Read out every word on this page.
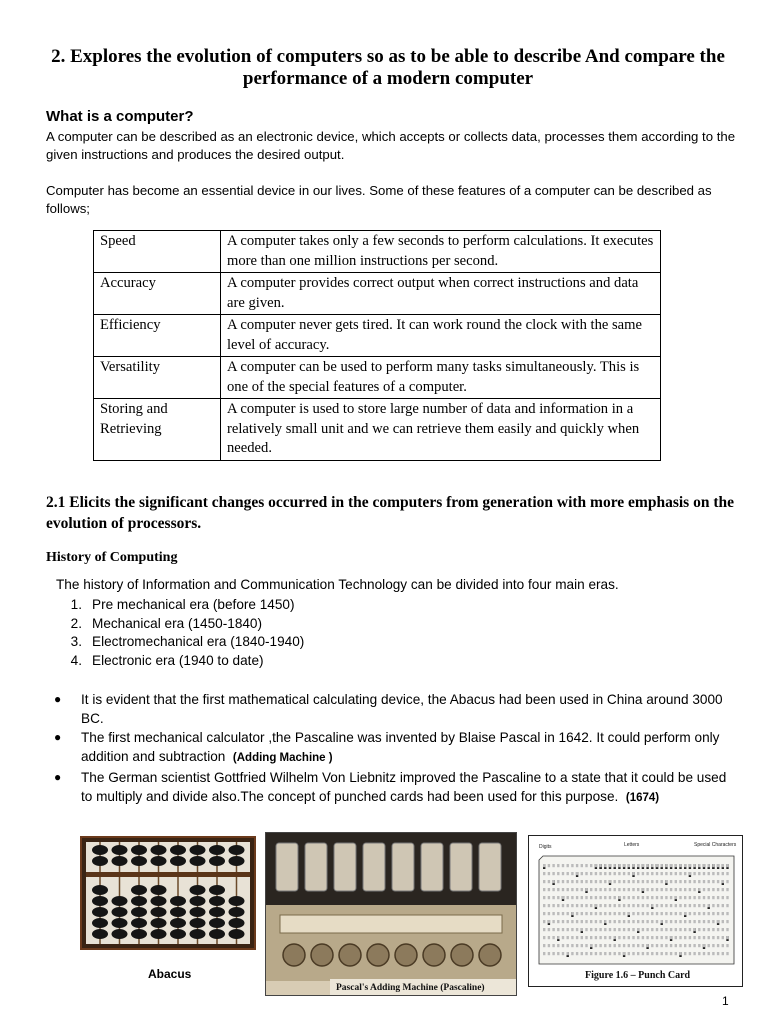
2. Explores the evolution of computers so as to be able to describe And compare the performance of a modern computer
What is a computer?
A computer can be described as an electronic device, which accepts or collects data, processes them according to the given instructions and produces the desired output.
Computer has become an essential device in our lives. Some of these features of a computer can be described as follows;
Speed	A computer takes only a few seconds to perform calculations. It executes more than one million instructions per second.
Accuracy	A computer provides correct output when correct instructions and data are given.
Efficiency	A computer never gets tired. It can work round the clock with the same level of accuracy.
Versatility	A computer can be used to perform many tasks simultaneously. This is one of the special features of a computer.
Storing and Retrieving	A computer is used to store large number of data and information in a relatively small unit and we can retrieve them easily and quickly when needed.
2.1 Elicits the significant changes occurred in the computers from generation with more emphasis on the evolution of processors.
History of Computing
The history of Information and Communication Technology can be divided into four main eras.
1. Pre mechanical era (before 1450)
2. Mechanical era (1450-1840)
3. Electromechanical era (1840-1940)
4. Electronic era (1940 to date)
● It is evident that the first mathematical calculating device, the Abacus had been used in China around 3000 BC.
● The first mechanical calculator ,the Pascaline was invented by Blaise Pascal in 1642. It could perform only addition and subtraction (Adding Machine )
● The German scientist Gottfried Wilhelm Von Liebnitz improved the Pascaline to a state that it could be used to multiply and divide also.The concept of punched cards had been used for this purpose. (1674)
Abacus
Pascal's Adding Machine (Pascaline)
Digits	Letters	Special Characters
Figure 1.6 – Punch Card
1
